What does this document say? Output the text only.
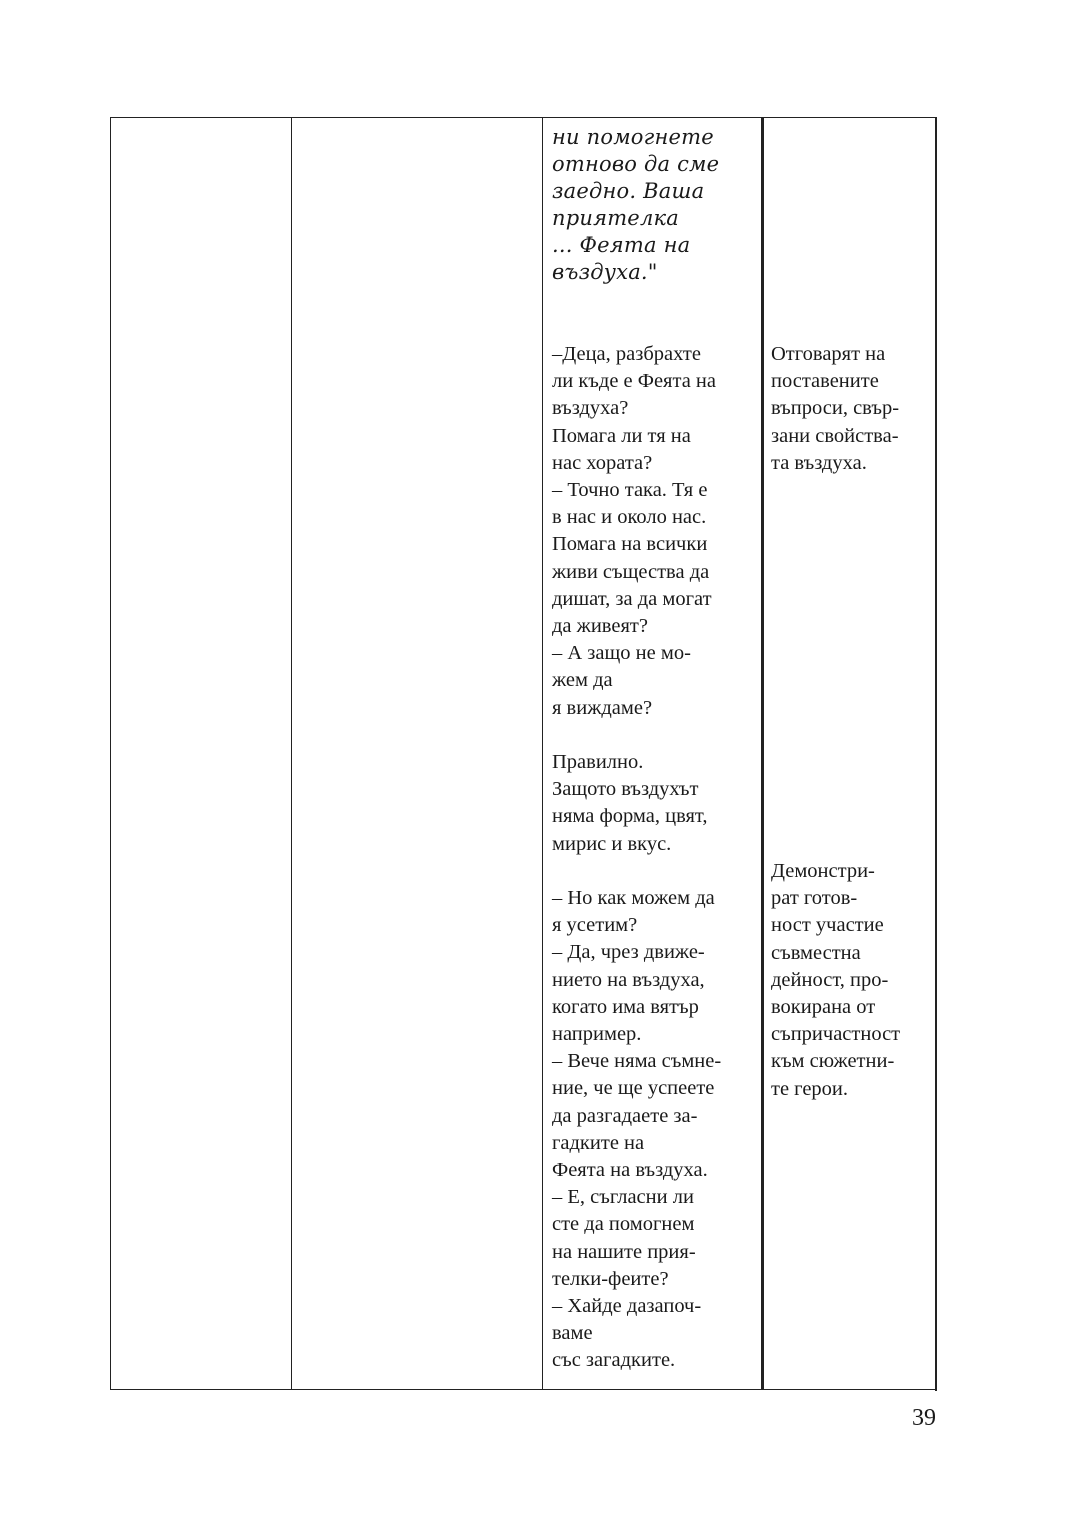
ни помогнете
отново да сме
заедно. Ваша
приятелка
... Феята на
въздуха."
–Деца, разбрахте
ли къде е Феята на
въздуха?
Помага ли тя на
нас хората?
– Точно така. Тя е
в нас и около нас.
Помага на всички
живи същества да
дишат, за да могат
да живеят?
– А защо не мо-
жем да
я виждаме?
Правилно.
Защото въздухът
няма форма, цвят,
мирис и вкус.
– Но как можем да
я усетим?
– Да, чрез движе-
нието на въздуха,
когато има вятър
например.
– Вече няма съмне-
ние, че ще успеете
да разгадаете за-
гадките на
Феята на въздуха.
– Е, съгласни ли
сте да помогнем
на нашите прия-
телки-феите?
– Хайде дазапоч-
ваме
със загадките.
Отговарят на
поставените
въпроси, свър-
зани свойства-
та въздуха.
Демонстри-
рат готов-
ност участие
съвместна
дейност, про-
вокирана от
съпричастност
към сюжетни-
те герои.
39
